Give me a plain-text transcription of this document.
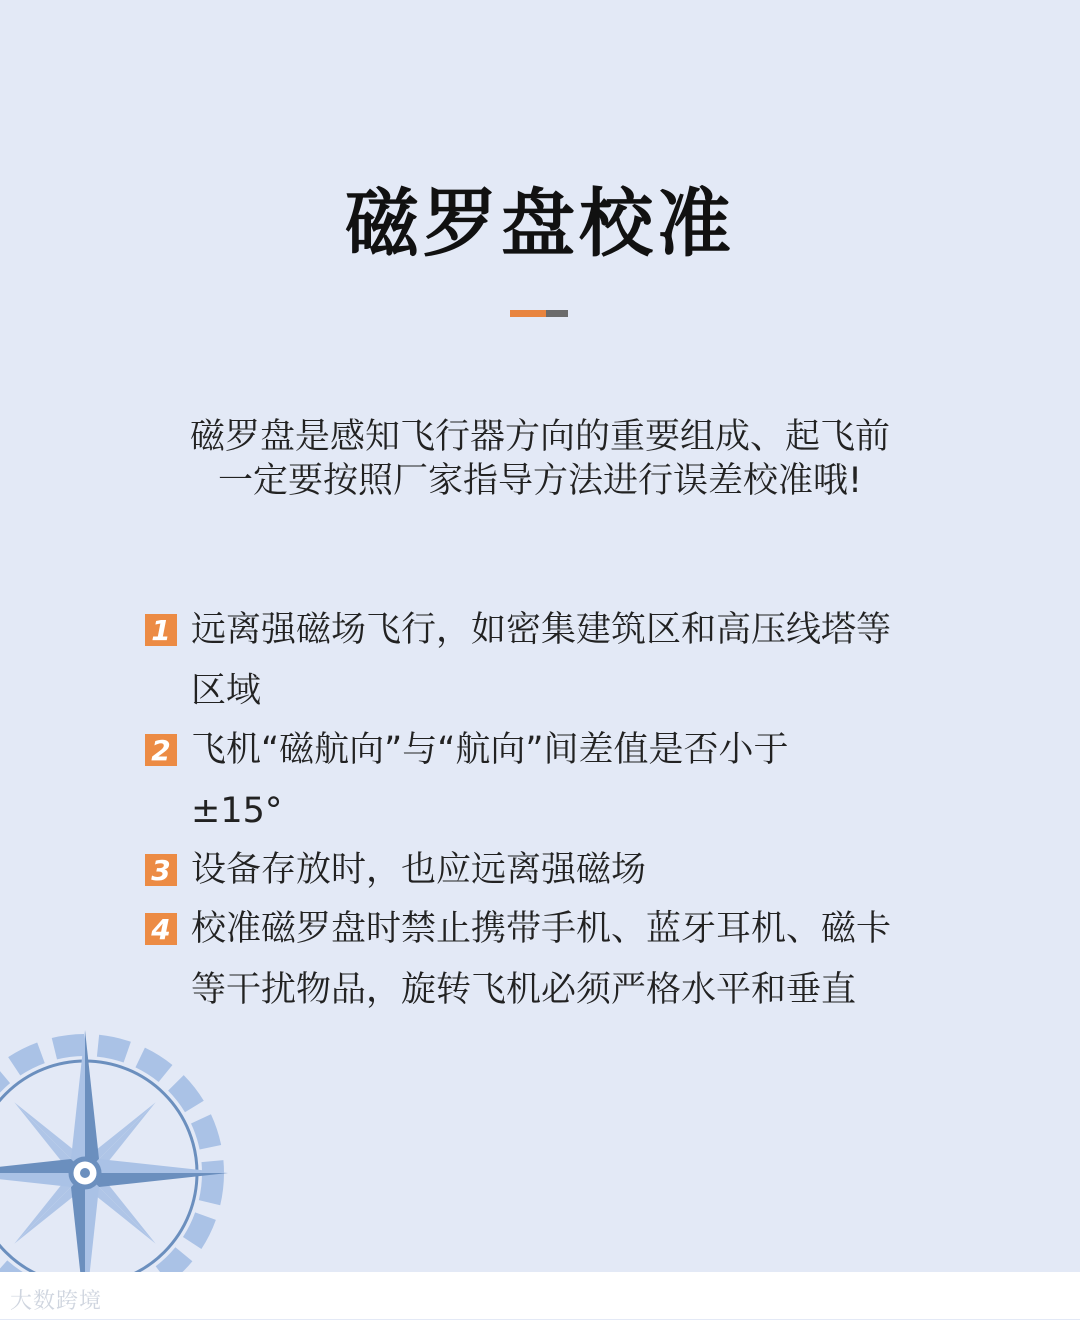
磁罗盘校准
磁罗盘是感知飞行器方向的重要组成、起飞前
一定要按照厂家指导方法进行误差校准哦!
1 远离强磁场飞行，如密集建筑区和高压线塔等
区域
2 飞机“磁航向”与“航向”间差值是否小于
±15°
3 设备存放时，也应远离强磁场
4 校准磁罗盘时禁止携带手机、蓝牙耳机、磁卡
等干扰物品，旋转飞机必须严格水平和垂直
大数跨境
